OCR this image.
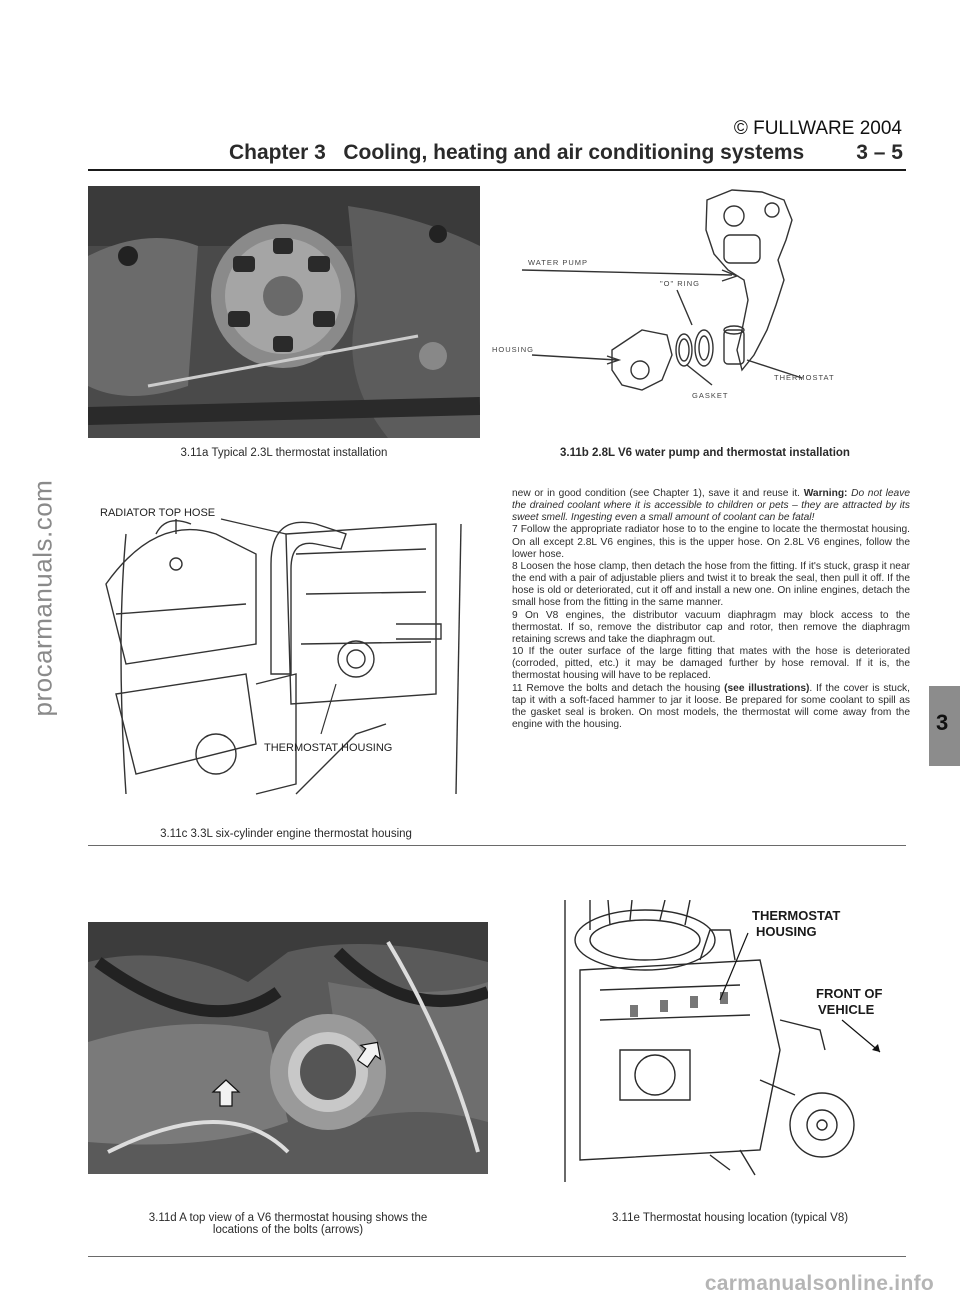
© FULLWARE 2004
Chapter 3   Cooling, heating and air conditioning systems 3 – 5
procarmanuals.com
3.11a Typical 2.3L thermostat installation
WATER PUMP
"O" RING
HOUSING
THERMOSTAT
GASKET
3.11b 2.8L V6 water pump and thermostat installation
RADIATOR TOP HOSE
THERMOSTAT HOUSING
3.11c 3.3L six-cylinder engine thermostat housing

new or in good condition (see Chapter 1), save it and reuse it. Warning: Do not leave the drained coolant where it is accessible to children or pets – they are attracted by its sweet smell. Ingesting even a small amount of coolant can be fatal!

7 Follow the appropriate radiator hose to to the engine to locate the thermostat housing. On all except 2.8L V6 engines, this is the upper hose. On 2.8L V6 engines, follow the lower hose.

8 Loosen the hose clamp, then detach the hose from the fitting. If it's stuck, grasp it near the end with a pair of adjustable pliers and twist it to break the seal, then pull it off. If the hose is old or deteriorated, cut it off and install a new one. On inline engines, detach the small hose from the fitting in the same manner.

9 On V8 engines, the distributor vacuum diaphragm may block access to the thermostat. If so, remove the distributor cap and rotor, then remove the diaphragm retaining screws and take the diaphragm out.

10 If the outer surface of the large fitting that mates with the hose is deteriorated (corroded, pitted, etc.) it may be damaged further by hose removal. If it is, the thermostat housing will have to be replaced.

11 Remove the bolts and detach the housing (see illustrations). If the cover is stuck, tap it with a soft-faced hammer to jar it loose. Be prepared for some coolant to spill as the gasket seal is broken. On most models, the thermostat will come away from the engine with the housing.	3
3.11d A top view of a V6 thermostat housing shows the
locations of the bolts (arrows)
THERMOSTAT
HOUSING
FRONT OF
VEHICLE
3.11e Thermostat housing location (typical V8)
carmanualsonline.info
